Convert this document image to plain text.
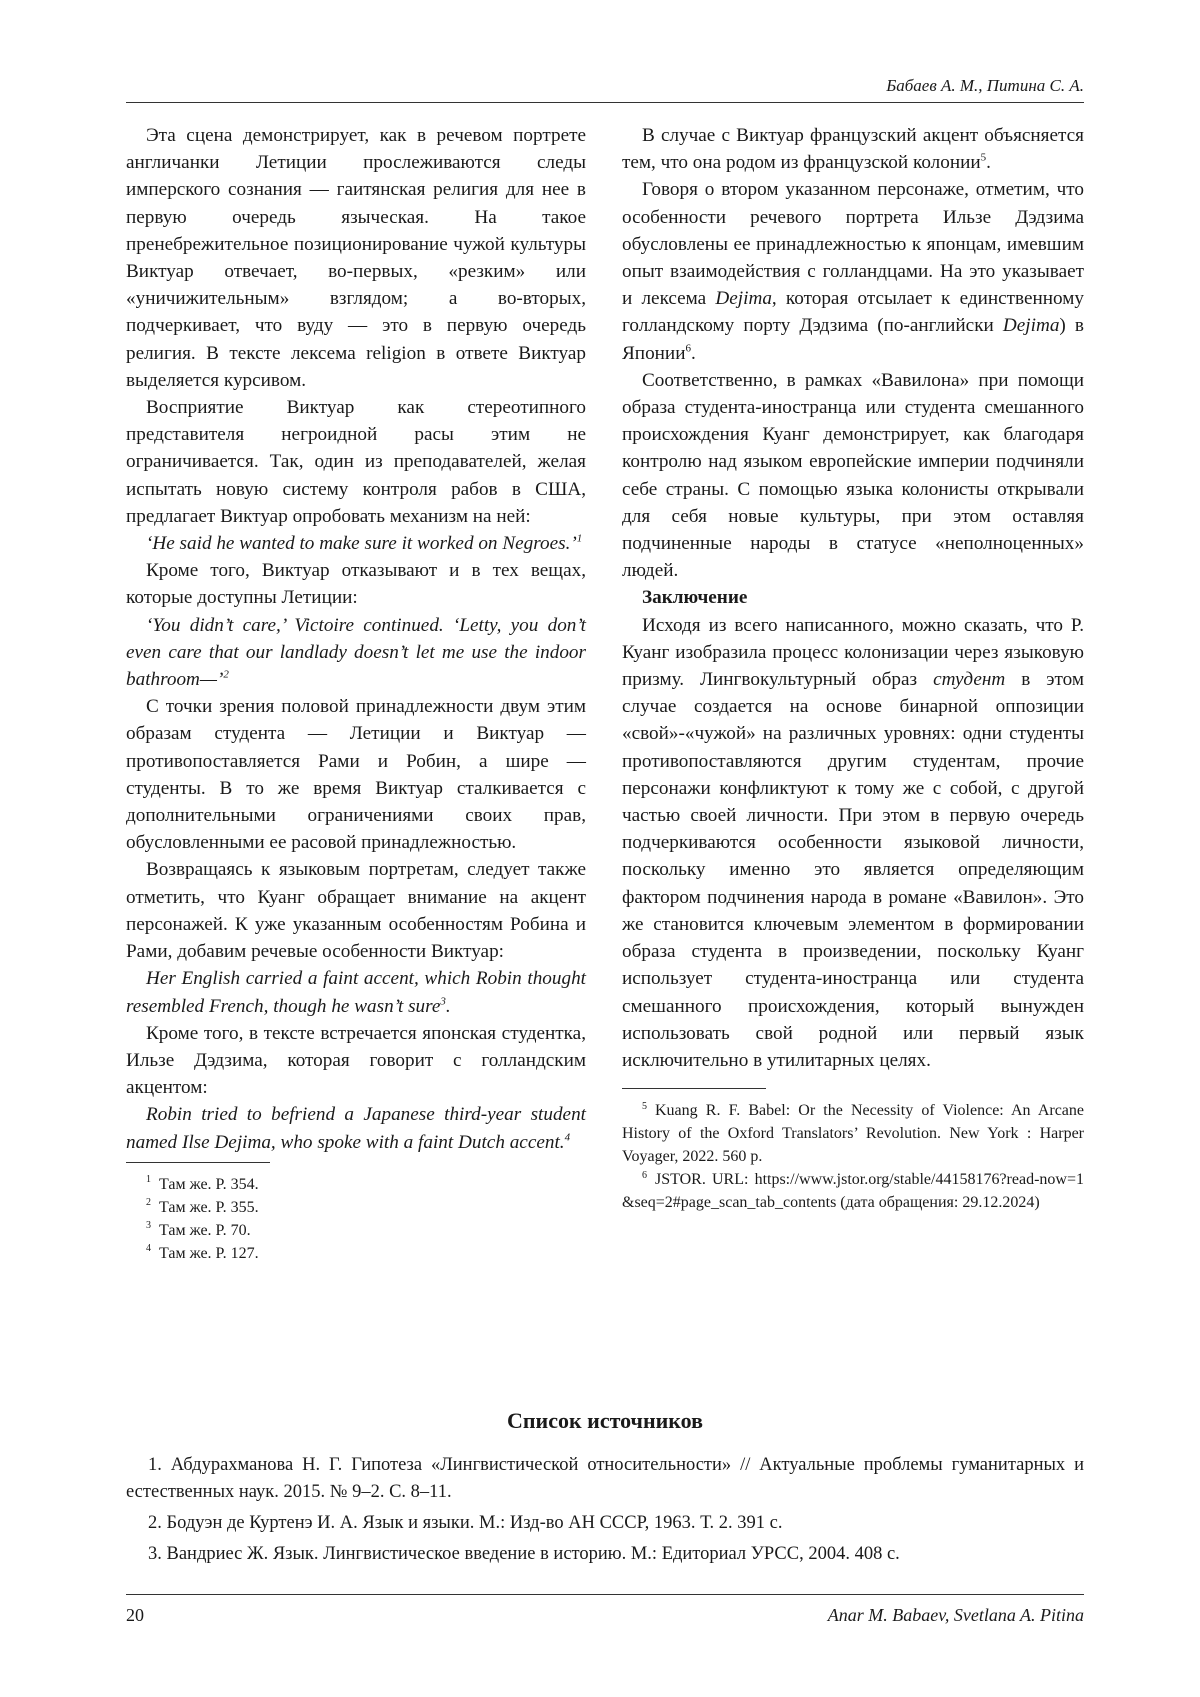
Бабаев А. М., Питина С. А.

Эта сцена демонстрирует, как в речевом портрете англичанки Летиции прослеживаются следы имперского сознания — гаитянская религия для нее в первую очередь языческая. На такое пренебрежительное позиционирование чужой культуры Виктуар отвечает, во-первых, «резким» или «уничижительным» взглядом; а во-вторых, подчеркивает, что вуду — это в первую очередь религия. В тексте лексема religion в ответе Виктуар выделяется курсивом.

Восприятие Виктуар как стереотипного представителя негроидной расы этим не ограничивается. Так, один из преподавателей, желая испытать новую систему контроля рабов в США, предлагает Виктуар опробовать механизм на ней:

‘He said he wanted to make sure it worked on Negroes.’$^1$

Кроме того, Виктуар отказывают и в тех вещах, которые доступны Летиции:

‘You didn’t care,’ Victoire continued. ‘Letty, you don’t even care that our landlady doesn’t let me use the indoor bathroom—’$^2$

С точки зрения половой принадлежности двум этим образам студента — Летиции и Виктуар — противопоставляется Рами и Робин, а шире —студенты. В то же время Виктуар сталкивается с дополнительными ограничениями своих прав, обусловленными ее расовой принадлежностью.

Возвращаясь к языковым портретам, следует также отметить, что Куанг обращает внимание на акцент персонажей. К уже указанным особенностям Робина и Рами, добавим речевые особенности Виктуар:

Her English carried a faint accent, which Robin thought resembled French, though he wasn’t sure$^3$.

Кроме того, в тексте встречается японская студентка, Ильзе Дэдзима, которая говорит с голландским акцентом:

Robin tried to befriend a Japanese third-year student named Ilse Dejima, who spoke with a faint Dutch accent.$^4$

$^1$ Там же. P. 354.

$^2$ Там же. P. 355.

$^3$ Там же. P. 70.

$^4$ Там же. P. 127.

В случае с Виктуар французский акцент объясняется тем, что она родом из французской колонии$^5$.

Говоря о втором указанном персонаже, отметим, что особенности речевого портрета Ильзе Дэдзима обусловлены ее принадлежностью к японцам, имевшим опыт взаимодействия с голландцами. На это указывает и лексема Dejima, которая отсылает к единственному голландскому порту Дэдзима (по-английски Dejima) в Японии$^6$.

Соответственно, в рамках «Вавилона» при помощи образа студента-иностранца или студента смешанного происхождения Куанг демонстрирует, как благодаря контролю над языком европейские империи подчиняли себе страны. С помощью языка колонисты открывали для себя новые культуры, при этом оставляя подчиненные народы в статусе «неполноценных» людей.

Заключение

Исходя из всего написанного, можно сказать, что Р. Куанг изобразила процесс колонизации через языковую призму. Лингвокультурный образ студент в этом случае создается на основе бинарной оппозиции «свой»-«чужой» на различных уровнях: одни студенты противопоставляются другим студентам, прочие персонажи конфликтуют к тому же с собой, с другой частью своей личности. При этом в первую очередь подчеркиваются особенности языковой личности, поскольку именно это является определяющим фактором подчинения народа в романе «Вавилон». Это же становится ключевым элементом в формировании образа студента в произведении, поскольку Куанг использует студента-иностранца или студента смешанного происхождения, который вынужден использовать свой родной или первый язык исключительно в утилитарных целях.

$^5$ Kuang R. F. Babel: Or the Necessity of Violence: An Arcane History of the Oxford Translators’ Revolution. New York : Harper Voyager, 2022. 560 p.

$^6$ JSTOR. URL: https://www.jstor.org/stable/44158176?read-now=1&seq=2#page_scan_tab_contents (дата обращения: 29.12.2024)

Список источников

1. Абдурахманова Н. Г. Гипотеза «Лингвистической относительности» // Актуальные проблемы гуманитарных и естественных наук. 2015. № 9–2. С. 8–11.

2. Бодуэн де Куртенэ И. А. Язык и языки. М.: Изд-во АН СССР, 1963. Т. 2. 391 с.

3. Вандриес Ж. Язык. Лингвистическое введение в историю. М.: Едиториал УРСС, 2004. 408 с.

20	Anar M. Babaev, Svetlana A. Pitina
